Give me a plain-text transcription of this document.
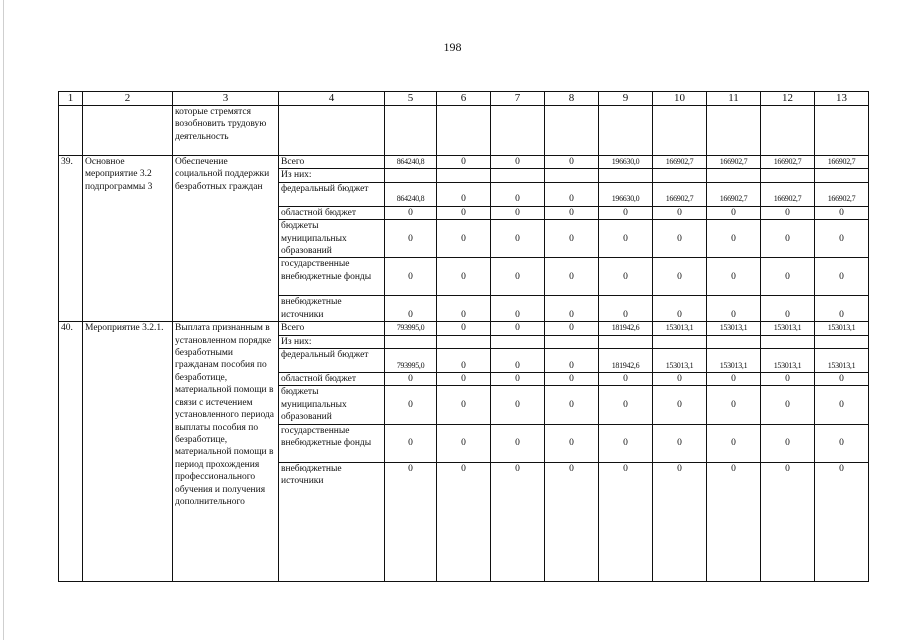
198
1	2	3	4	5	6	7	8	9	10	11	12	13
		которые стремятся возобновить трудовую деятельность										
39.	Основное мероприятие 3.2 подпрограммы 3	Обеспечение социальной поддержки безработных граждан	Всего	864240,8	0	0	0	196630,0	166902,7	166902,7	166902,7	166902,7
			Из них:									
			федеральный бюджет	864240,8	0	0	0	196630,0	166902,7	166902,7	166902,7	166902,7
			областной бюджет	0	0	0	0	0	0	0	0	0
			бюджеты муниципальных образований	0	0	0	0	0	0	0	0	0
			государственные внебюджетные фонды	0	0	0	0	0	0	0	0	0
			внебюджетные источники	0	0	0	0	0	0	0	0	0
40.	Мероприятие 3.2.1.	Выплата признанным в установленном порядке безработными гражданам пособия по безработице, материальной помощи в связи с истечением установленного периода выплаты пособия по безработице, материальной помощи в период прохождения профессионального обучения и получения дополнительного	Всего	793995,0	0	0	0	181942,6	153013,1	153013,1	153013,1	153013,1
			Из них:									
			федеральный бюджет	793995,0	0	0	0	181942,6	153013,1	153013,1	153013,1	153013,1
			областной бюджет	0	0	0	0	0	0	0	0	0
			бюджеты муниципальных образований	0	0	0	0	0	0	0	0	0
			государственные внебюджетные фонды	0	0	0	0	0	0	0	0	0
			внебюджетные источники	0	0	0	0	0	0	0	0	0
